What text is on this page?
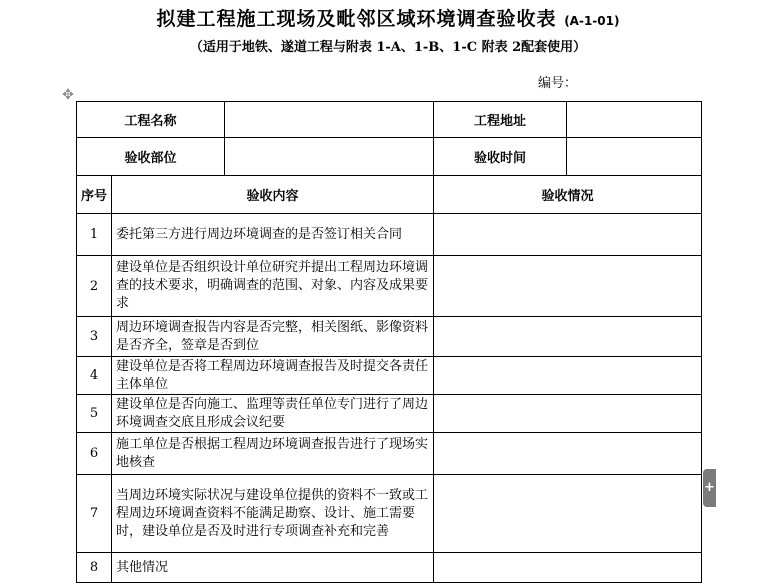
拟建工程施工现场及毗邻区域环境调查验收表 (A-1-01)
（适用于地铁、遂道工程与附表 1-A、1-B、1-C 附表 2配套使用）
编号：
✥
+
工程名称			工程地址	
验收部位			验收时间	
序号	验收内容		验收情况	
1	委托第三方进行周边环境调查的是否签订相关合同			
2	建设单位是否组织设计单位研究并提出工程周边环境调查的技术要求，明确调查的范围、对象、内容及成果要求			
3	周边环境调查报告内容是否完整，相关图纸、影像资料是否齐全，签章是否到位			
4	建设单位是否将工程周边环境调查报告及时提交各责任主体单位			
5	建设单位是否向施工、监理等责任单位专门进行了周边环境调查交底且形成会议纪要			
6	施工单位是否根据工程周边环境调查报告进行了现场实地核查			
7	当周边环境实际状况与建设单位提供的资料不一致或工程周边环境调查资料不能满足勘察、设计、施工需要时，建设单位是否及时进行专项调查补充和完善			
8	其他情况			
